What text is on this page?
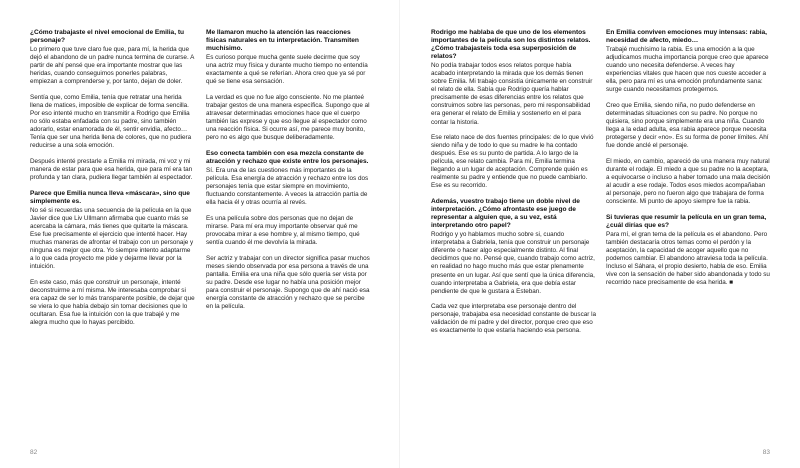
¿Cómo trabajaste el nivel emocional de Emilia, tu personaje?

Lo primero que tuve claro fue que, para mí, la herida que dejó el abandono de un padre nunca termina de curarse. A partir de ahí pensé que era importante mostrar que las heridas, cuando conseguimos ponerles palabras, empiezan a comprenderse y, por tanto, dejan de doler.

Sentía que, como Emilia, tenía que retratar una herida llena de matices, imposible de explicar de forma sencilla. Por eso intenté mucho en transmitir a Rodrigo que Emilia no sólo estaba enfadada con su padre, sino también adorarlo, estar enamorada de él, sentir envidia, afecto… Tenía que ser una herida llena de colores, que no pudiera reducirse a una sola emoción.

Después intenté prestarle a Emilia mi mirada, mi voz y mi manera de estar para que esa herida, que para mí era tan profunda y tan clara, pudiera llegar también al espectador.

Parece que Emilia nunca lleva «máscara», sino que simplemente es.

No sé si recuerdas una secuencia de la película en la que Javier dice que Liv Ullmann afirmaba que cuanto más se acercaba la cámara, más tienes que quitarte la máscara. Ese fue precisamente el ejercicio que intenté hacer. Hay muchas maneras de afrontar el trabajo con un personaje y ninguna es mejor que otra. Yo siempre intento adaptarme a lo que cada proyecto me pide y dejarme llevar por la intuición.

En este caso, más que construir un personaje, intenté deconstruirme a mí misma. Me interesaba comprobar si era capaz de ser lo más transparente posible, de dejar que se viera lo que había debajo sin tomar decisiones que lo ocultaran. Esa fue la intuición con la que trabajé y me alegra mucho que lo hayas percibido.

Me llamaron mucho la atención las reacciones físicas naturales en tu interpretación. Transmiten muchísimo.

Es curioso porque mucha gente suele decirme que soy una actriz muy física y durante mucho tiempo no entendía exactamente a qué se referían. Ahora creo que ya sé por qué se tiene esa sensación.

La verdad es que no fue algo consciente. No me planteé trabajar gestos de una manera específica. Supongo que al atravesar determinadas emociones hace que el cuerpo también las exprese y que eso llegue al espectador como una reacción física. Si ocurre así, me parece muy bonito, pero no es algo que busque deliberadamente.

Eso conecta también con esa mezcla constante de atracción y rechazo que existe entre los personajes.

Sí. Era una de las cuestiones más importantes de la película. Esa energía de atracción y rechazo entre los dos personajes tenía que estar siempre en movimiento, fluctuando constantemente. A veces la atracción partía de ella hacia él y otras ocurría al revés.

Es una película sobre dos personas que no dejan de mirarse. Para mí era muy importante observar qué me provocaba mirar a ese hombre y, al mismo tiempo, qué sentía cuando él me devolvía la mirada.

Ser actriz y trabajar con un director significa pasar muchos meses siendo observada por esa persona a través de una pantalla. Emilia era una niña que sólo quería ser vista por su padre. Desde ese lugar no había una posición mejor para construir el personaje. Supongo que de ahí nació esa energía constante de atracción y rechazo que se percibe en la película.

82
Rodrigo me hablaba de que uno de los elementos importantes de la película son los distintos relatos. ¿Cómo trabajasteis toda esa superposición de relatos?

No podía trabajar todos esos relatos porque había acabado interpretando la mirada que los demás tienen sobre Emilia. Mi trabajo consistía únicamente en construir el relato de ella. Sabía que Rodrigo quería hablar precisamente de esas diferencias entre los relatos que construimos sobre las personas, pero mi responsabilidad era generar el relato de Emilia y sostenerlo en el para contar la historia.

Ese relato nace de dos fuentes principales: de lo que vivió siendo niña y de todo lo que su madre le ha contado después. Ese es su punto de partida. A lo largo de la película, ese relato cambia. Para mí, Emilia termina llegando a un lugar de aceptación. Comprende quién es realmente su padre y entiende que no puede cambiarlo. Ese es su recorrido.

Además, vuestro trabajo tiene un doble nivel de interpretación. ¿Cómo afrontaste ese juego de representar a alguien que, a su vez, está interpretando otro papel?

Rodrigo y yo hablamos mucho sobre si, cuando interpretaba a Gabriela, tenía que construir un personaje diferente o hacer algo especialmente distinto. Al final decidimos que no. Pensé que, cuando trabajo como actriz, en realidad no hago mucho más que estar plenamente presente en un lugar. Así que sentí que la única diferencia, cuando interpretaba a Gabriela, era que debía estar pendiente de que le gustara a Esteban.

Cada vez que interpretaba ese personaje dentro del personaje, trabajaba esa necesidad constante de buscar la validación de mi padre y del director, porque creo que eso es exactamente lo que estaría haciendo esa persona.

En Emilia conviven emociones muy intensas: rabia, necesidad de afecto, miedo…

Trabajé muchísimo la rabia. Es una emoción a la que adjudicamos mucha importancia porque creo que aparece cuando uno necesita defenderse. A veces hay experiencias vitales que hacen que nos cueste acceder a ella, pero para mí es una emoción profundamente sana: surge cuando necesitamos protegernos.

Creo que Emilia, siendo niña, no pudo defenderse en determinadas situaciones con su padre. No porque no quisiera, sino porque simplemente era una niña. Cuando llega a la edad adulta, esa rabia aparece porque necesita protegerse y decir «no». Es su forma de poner límites. Ahí fue donde anclé el personaje.

El miedo, en cambio, apareció de una manera muy natural durante el rodaje. El miedo a que su padre no la aceptara, a equivocarse o incluso a haber tomado una mala decisión al acudir a ese rodaje. Todos esos miedos acompañaban al personaje, pero no fueron algo que trabajara de forma consciente. Mi punto de apoyo siempre fue la rabia.

Si tuvieras que resumir la película en un gran tema, ¿cuál dirías que es?

Para mí, el gran tema de la película es el abandono. Pero también destacaría otros temas como el perdón y la aceptación, la capacidad de acoger aquello que no podemos cambiar. El abandono atraviesa toda la película. Incluso el Sáhara, el propio desierto, habla de eso. Emilia vive con la sensación de haber sido abandonada y todo su recorrido nace precisamente de esa herida. ■

83
